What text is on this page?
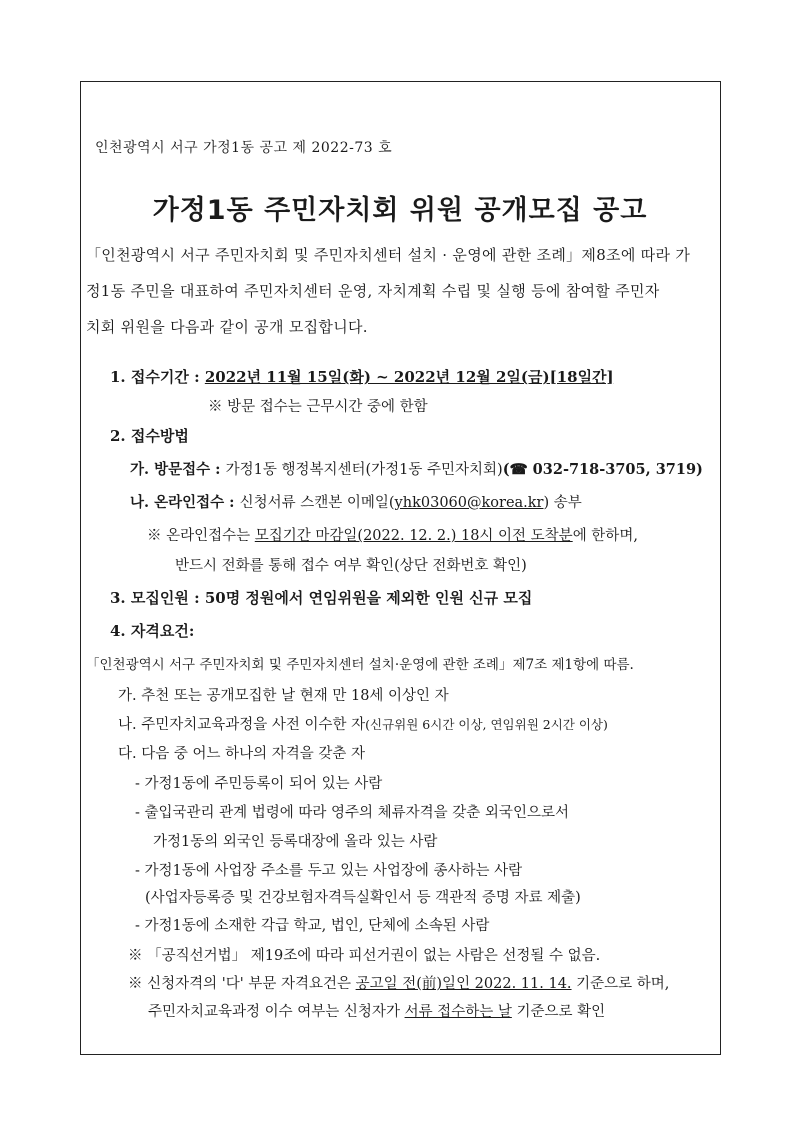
인천광역시 서구 가정1동 공고 제 2022-73 호
가정1동 주민자치회 위원 공개모집 공고
「인천광역시 서구 주민자치회 및 주민자치센터 설치 · 운영에 관한 조례」제8조에 따라 가
정1동 주민을 대표하여 주민자치센터 운영, 자치계획 수립 및 실행 등에 참여할 주민자
치회 위원을 다음과 같이 공개 모집합니다.
1. 접수기간 : 2022년 11월 15일(화) ~ 2022년 12월 2일(금)[18일간]
※ 방문 접수는 근무시간 중에 한함
2. 접수방법
가. 방문접수 : 가정1동 행정복지센터(가정1동 주민자치회)(☎ 032-718-3705, 3719)
나. 온라인접수 : 신청서류 스캔본 이메일(yhk03060@korea.kr) 송부
※ 온라인접수는 모집기간 마감일(2022. 12. 2.) 18시 이전 도착분에 한하며,
반드시 전화를 통해 접수 여부 확인(상단 전화번호 확인)
3. 모집인원 : 50명 정원에서 연임위원을 제외한 인원 신규 모집
4. 자격요건:
「인천광역시 서구 주민자치회 및 주민자치센터 설치·운영에 관한 조례」제7조 제1항에 따름.
가. 추천 또는 공개모집한 날 현재 만 18세 이상인 자
나. 주민자치교육과정을 사전 이수한 자(신규위원 6시간 이상, 연임위원 2시간 이상)
다. 다음 중 어느 하나의 자격을 갖춘 자
- 가정1동에 주민등록이 되어 있는 사람
- 출입국관리 관계 법령에 따라 영주의 체류자격을 갖춘 외국인으로서
가정1동의 외국인 등록대장에 올라 있는 사람
- 가정1동에 사업장 주소를 두고 있는 사업장에 종사하는 사람
(사업자등록증 및 건강보험자격득실확인서 등 객관적 증명 자료 제출)
- 가정1동에 소재한 각급 학교, 법인, 단체에 소속된 사람
※ 「공직선거법」 제19조에 따라 피선거권이 없는 사람은 선정될 수 없음.
※ 신청자격의 '다' 부문 자격요건은 공고일 전(前)일인 2022. 11. 14. 기준으로 하며,
주민자치교육과정 이수 여부는 신청자가 서류 접수하는 날 기준으로 확인
